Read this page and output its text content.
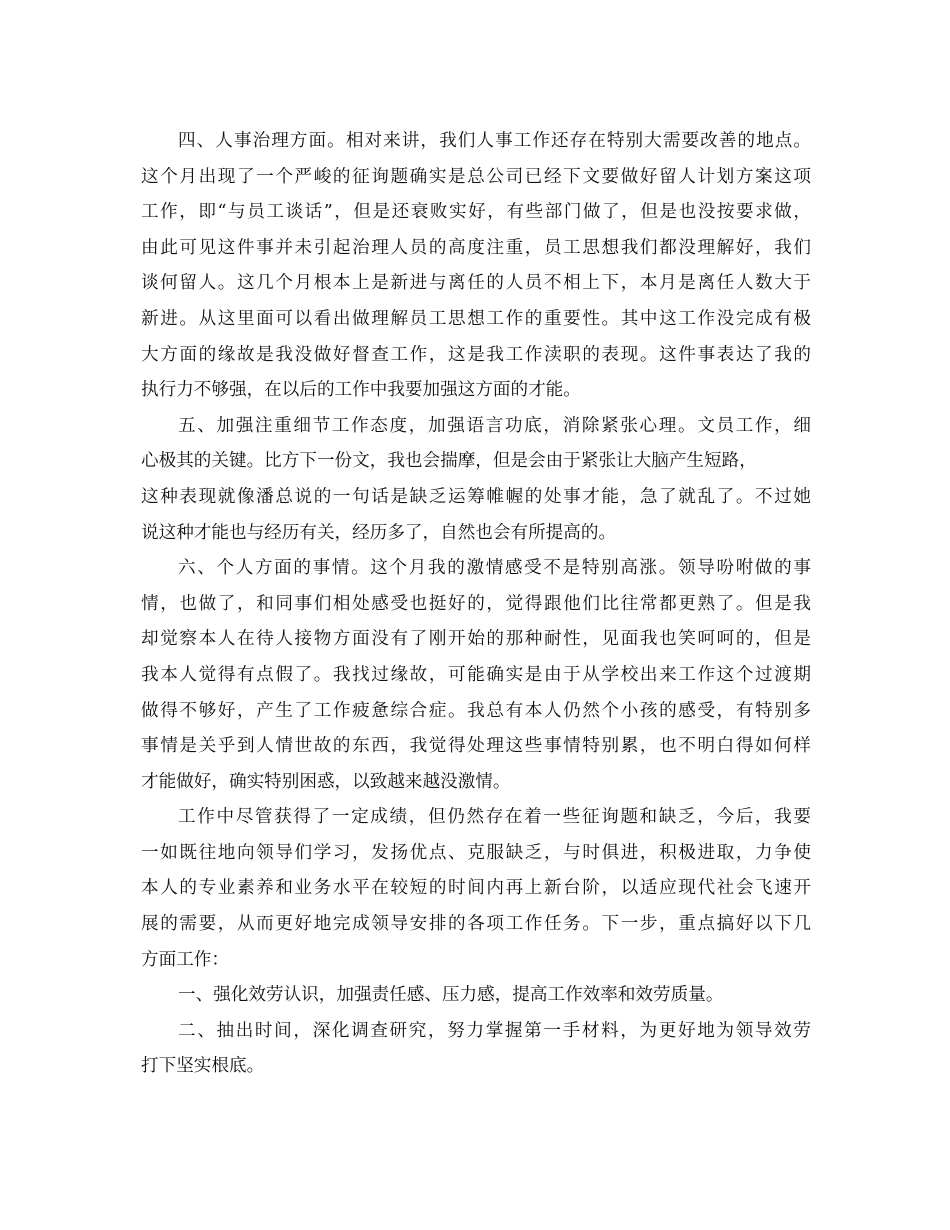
四、人事治理方面。相对来讲，我们人事工作还存在特别大需要改善的地点。
这个月出现了一个严峻的征询题确实是总公司已经下文要做好留人计划方案这项
工作，即“与员工谈话”，但是还衰败实好，有些部门做了，但是也没按要求做，
由此可见这件事并未引起治理人员的高度注重，员工思想我们都没理解好，我们
谈何留人。这几个月根本上是新进与离任的人员不相上下，本月是离任人数大于
新进。从这里面可以看出做理解员工思想工作的重要性。其中这工作没完成有极
大方面的缘故是我没做好督查工作，这是我工作渎职的表现。这件事表达了我的
执行力不够强，在以后的工作中我要加强这方面的才能。
五、加强注重细节工作态度，加强语言功底，消除紧张心理。文员工作，细
心极其的关键。比方下一份文，我也会揣摩，但是会由于紧张让大脑产生短路，
这种表现就像潘总说的一句话是缺乏运筹帷幄的处事才能，急了就乱了。不过她
说这种才能也与经历有关，经历多了，自然也会有所提高的。
六、个人方面的事情。这个月我的激情感受不是特别高涨。领导吩咐做的事
情，也做了，和同事们相处感受也挺好的，觉得跟他们比往常都更熟了。但是我
却觉察本人在待人接物方面没有了刚开始的那种耐性，见面我也笑呵呵的，但是
我本人觉得有点假了。我找过缘故，可能确实是由于从学校出来工作这个过渡期
做得不够好，产生了工作疲惫综合症。我总有本人仍然个小孩的感受，有特别多
事情是关乎到人情世故的东西，我觉得处理这些事情特别累，也不明白得如何样
才能做好，确实特别困惑，以致越来越没激情。
工作中尽管获得了一定成绩，但仍然存在着一些征询题和缺乏，今后，我要
一如既往地向领导们学习，发扬优点、克服缺乏，与时俱进，积极进取，力争使
本人的专业素养和业务水平在较短的时间内再上新台阶，以适应现代社会飞速开
展的需要，从而更好地完成领导安排的各项工作任务。下一步，重点搞好以下几
方面工作：
一、强化效劳认识，加强责任感、压力感，提高工作效率和效劳质量。
二、抽出时间，深化调查研究，努力掌握第一手材料，为更好地为领导效劳
打下坚实根底。
